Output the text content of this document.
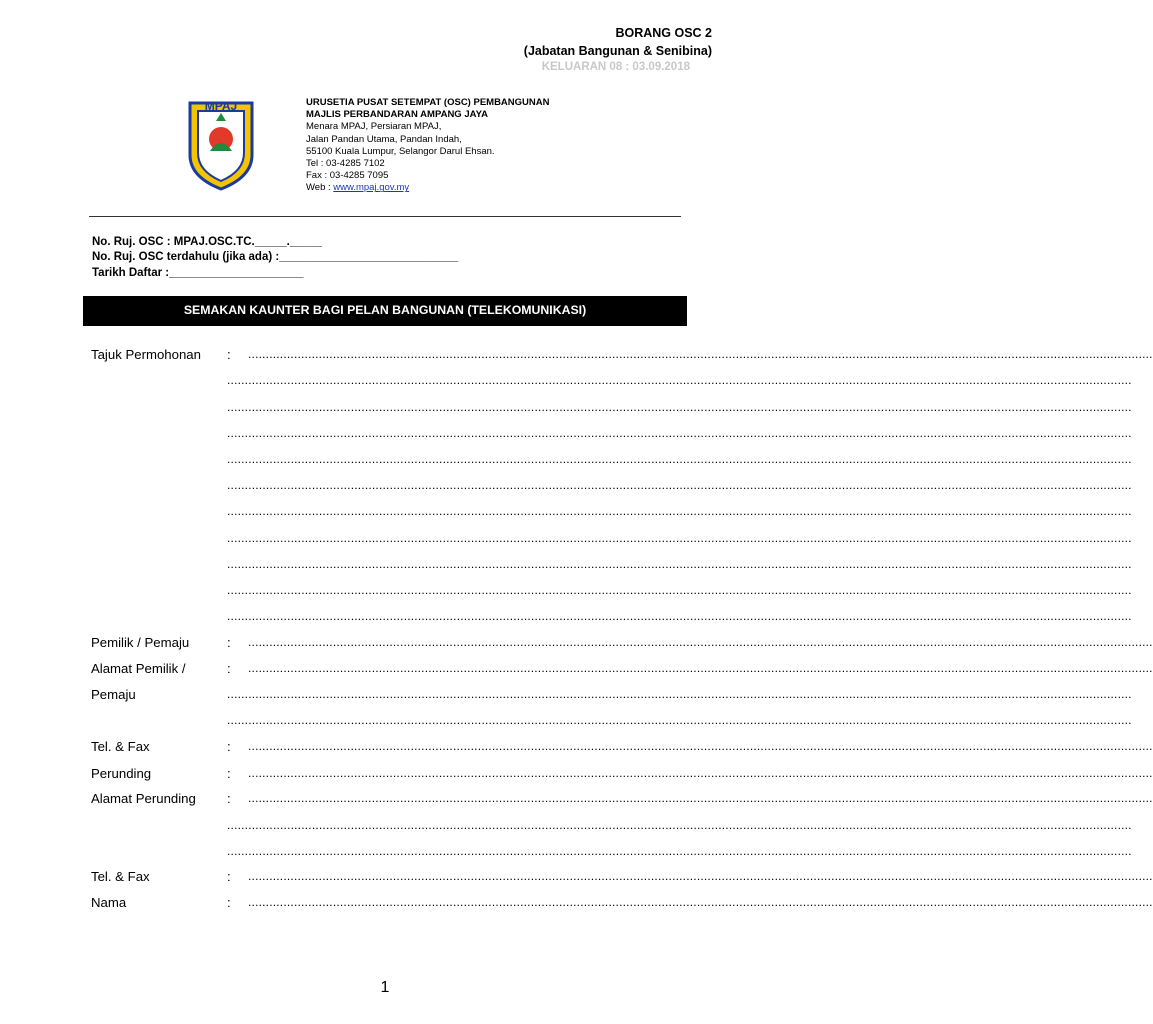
BORANG OSC 2
(Jabatan Bangunan & Senibina)
KELUARAN 08 : 03.09.2018
MPAJ	URUSETIA PUSAT SETEMPAT (OSC) PEMBANGUNAN
MAJLIS PERBANDARAN AMPANG JAYA
Menara MPAJ, Persiaran MPAJ,
Jalan Pandan Utama, Pandan Indah,
55100 Kuala Lumpur, Selangor Darul Ehsan.
Tel : 03-4285 7102
Fax : 03-4285 7095
Web : www.mpaj.gov.my
No. Ruj. OSC : MPAJ.OSC.TC._____._____
No. Ruj. OSC terdahulu (jika ada) :____________________________
Tarikh Daftar :_____________________
SEMAKAN KAUNTER BAGI PELAN BANGUNAN (TELEKOMUNIKASI)
Tajuk Permohonan : ................................................................................................................................................................................................................................................................
................................................................................................................................................................................................................................................................
................................................................................................................................................................................................................................................................
................................................................................................................................................................................................................................................................
................................................................................................................................................................................................................................................................
................................................................................................................................................................................................................................................................
................................................................................................................................................................................................................................................................
................................................................................................................................................................................................................................................................
................................................................................................................................................................................................................................................................
................................................................................................................................................................................................................................................................
................................................................................................................................................................................................................................................................
Pemilik / Pemaju	: ................................................................................................................................................................................................................................................................
Alamat Pemilik /	: ................................................................................................................................................................................................................................................................
Pemaju	................................................................................................................................................................................................................................................................
................................................................................................................................................................................................................................................................
Tel. & Fax	: ................................................................................................................................................................................................................................................................
Perunding	: ................................................................................................................................................................................................................................................................
Alamat Perunding : ................................................................................................................................................................................................................................................................
................................................................................................................................................................................................................................................................
................................................................................................................................................................................................................................................................
Tel. & Fax	: ................................................................................................................................................................................................................................................................
Nama	: ................................................................................................................................................................................................................................................................
1
